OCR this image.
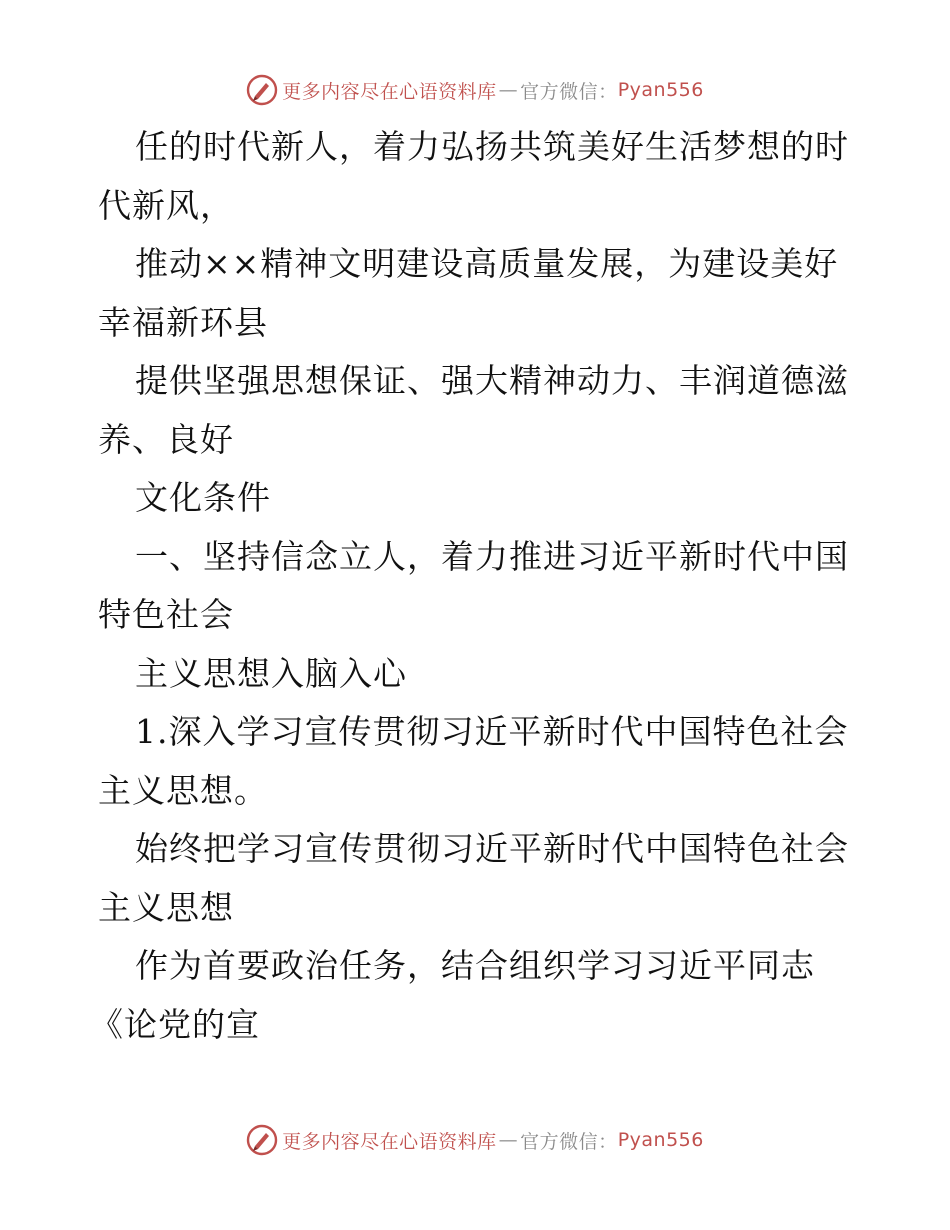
更多内容尽在心语资料库 — 官方微信： Pyan556
任的时代新人，着力弘扬共筑美好生活梦想的时
代新风，
推动××精神文明建设高质量发展，为建设美好
幸福新环县
提供坚强思想保证、强大精神动力、丰润道德滋
养、良好
文化条件
一、坚持信念立人，着力推进习近平新时代中国
特色社会
主义思想入脑入心
1.深入学习宣传贯彻习近平新时代中国特色社会
主义思想。
始终把学习宣传贯彻习近平新时代中国特色社会
主义思想
作为首要政治任务，结合组织学习习近平同志
《论党的宣
更多内容尽在心语资料库 — 官方微信： Pyan556
